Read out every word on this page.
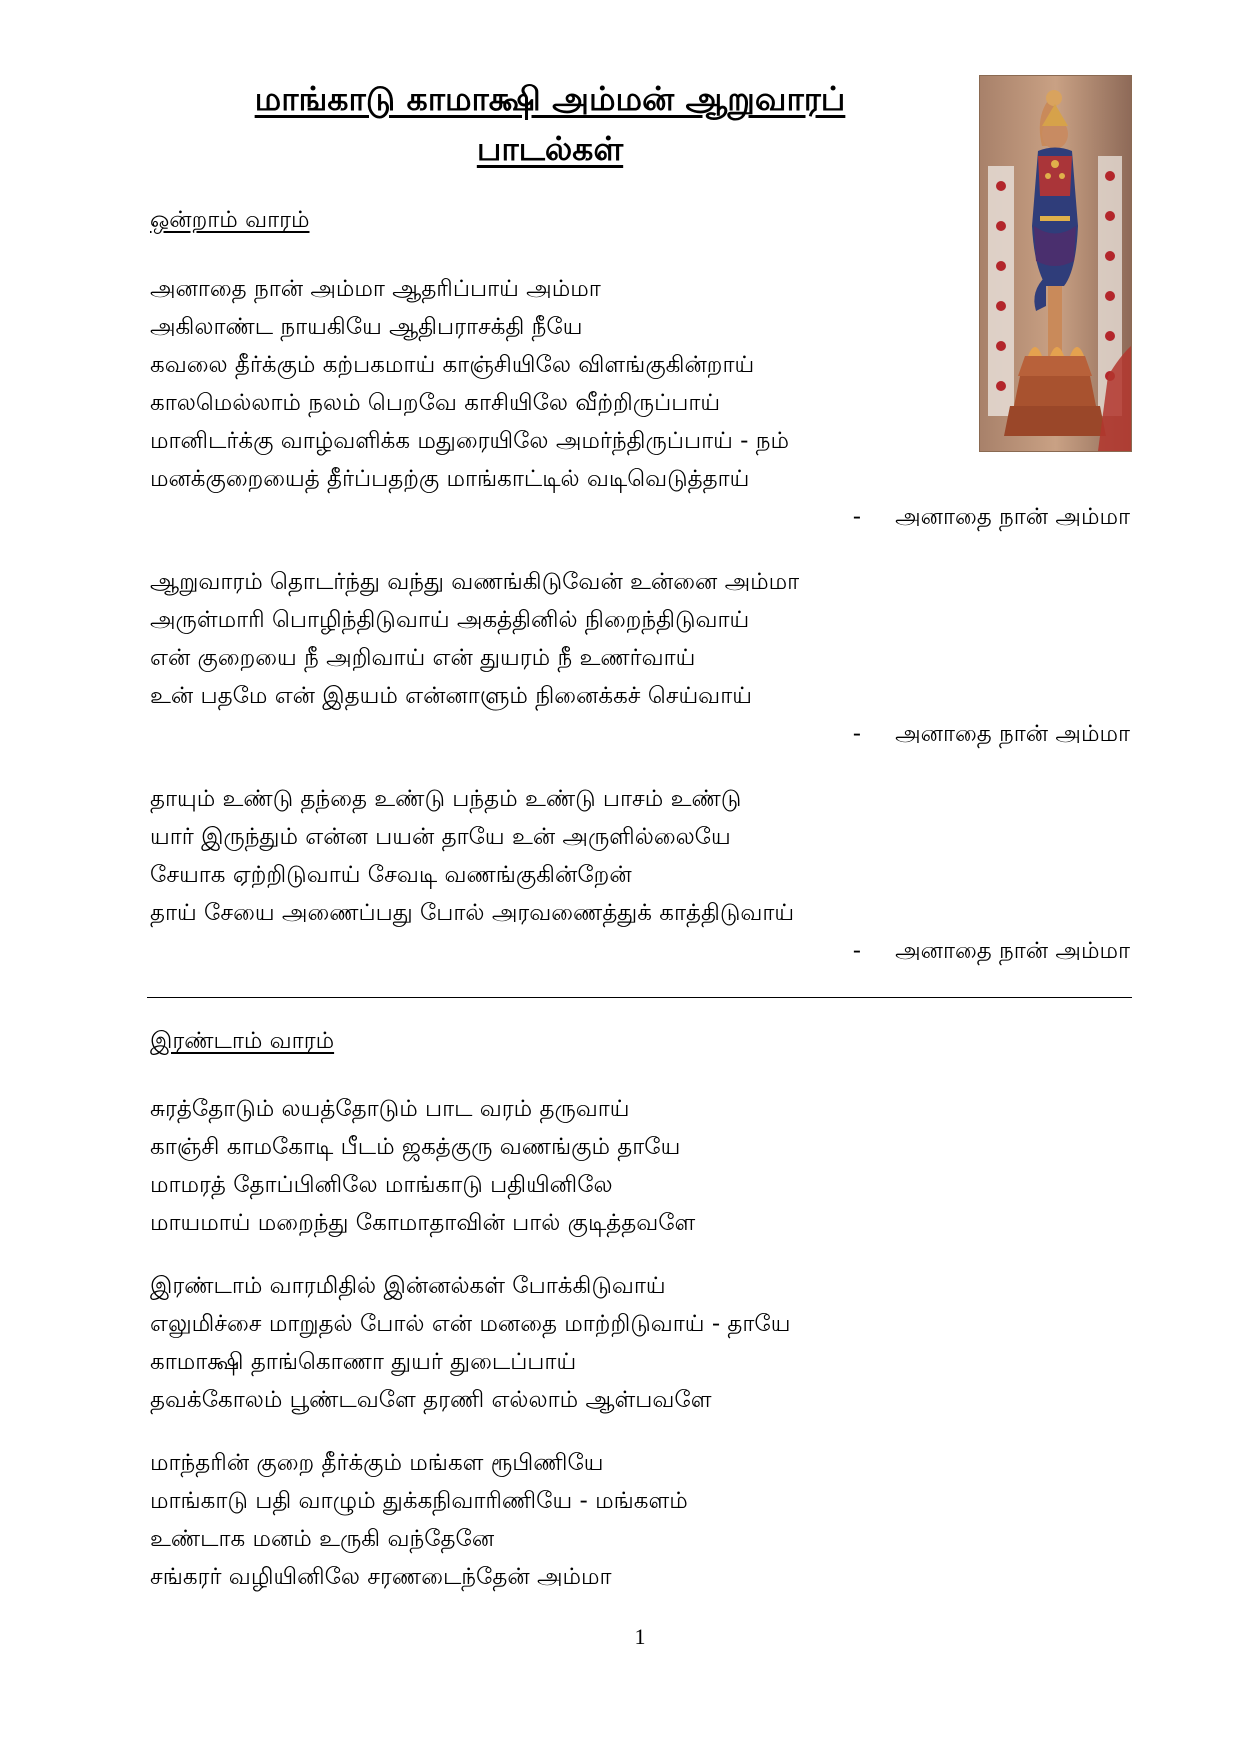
மாங்காடு காமாக்ஷி அம்மன் ஆறுவாரப்
பாடல்கள்
ஒன்றாம் வாரம்
அனாதை நான் அம்மா ஆதரிப்பாய் அம்மா
அகிலாண்ட நாயகியே ஆதிபராசக்தி நீயே
கவலை தீர்க்கும் கற்பகமாய் காஞ்சியிலே விளங்குகின்றாய்
காலமெல்லாம் நலம் பெறவே காசியிலே வீற்றிருப்பாய்
மானிடர்க்கு வாழ்வளிக்க மதுரையிலே அமர்ந்திருப்பாய் - நம்
மனக்குறையைத் தீர்ப்பதற்கு மாங்காட்டில் வடிவெடுத்தாய்
- அனாதை நான் அம்மா
ஆறுவாரம் தொடர்ந்து வந்து வணங்கிடுவேன் உன்னை அம்மா
அருள்மாரி பொழிந்திடுவாய் அகத்தினில் நிறைந்திடுவாய்
என் குறையை நீ அறிவாய் என் துயரம் நீ உணர்வாய்
உன் பதமே என் இதயம் என்னாளும் நினைக்கச் செய்வாய்
- அனாதை நான் அம்மா
தாயும் உண்டு தந்தை உண்டு பந்தம் உண்டு பாசம் உண்டு
யார் இருந்தும் என்ன பயன் தாயே உன் அருளில்லையே
சேயாக ஏற்றிடுவாய் சேவடி வணங்குகின்றேன்
தாய் சேயை அணைப்பது போல் அரவணைத்துக் காத்திடுவாய்
- அனாதை நான் அம்மா
இரண்டாம் வாரம்
சுரத்தோடும் லயத்தோடும் பாட வரம் தருவாய்
காஞ்சி காமகோடி பீடம் ஜகத்குரு வணங்கும் தாயே
மாமரத் தோப்பினிலே மாங்காடு பதியினிலே
மாயமாய் மறைந்து கோமாதாவின் பால் குடித்தவளே
இரண்டாம் வாரமிதில் இன்னல்கள் போக்கிடுவாய்
எலுமிச்சை மாறுதல் போல் என் மனதை மாற்றிடுவாய் - தாயே
காமாக்ஷி தாங்கொணா துயர் துடைப்பாய்
தவக்கோலம் பூண்டவளே தரணி எல்லாம் ஆள்பவளே
மாந்தரின் குறை தீர்க்கும் மங்கள ரூபிணியே
மாங்காடு பதி வாழும் துக்கநிவாரிணியே - மங்களம்
உண்டாக மனம் உருகி வந்தேனே
சங்கரர் வழியினிலே சரணடைந்தேன் அம்மா
1
